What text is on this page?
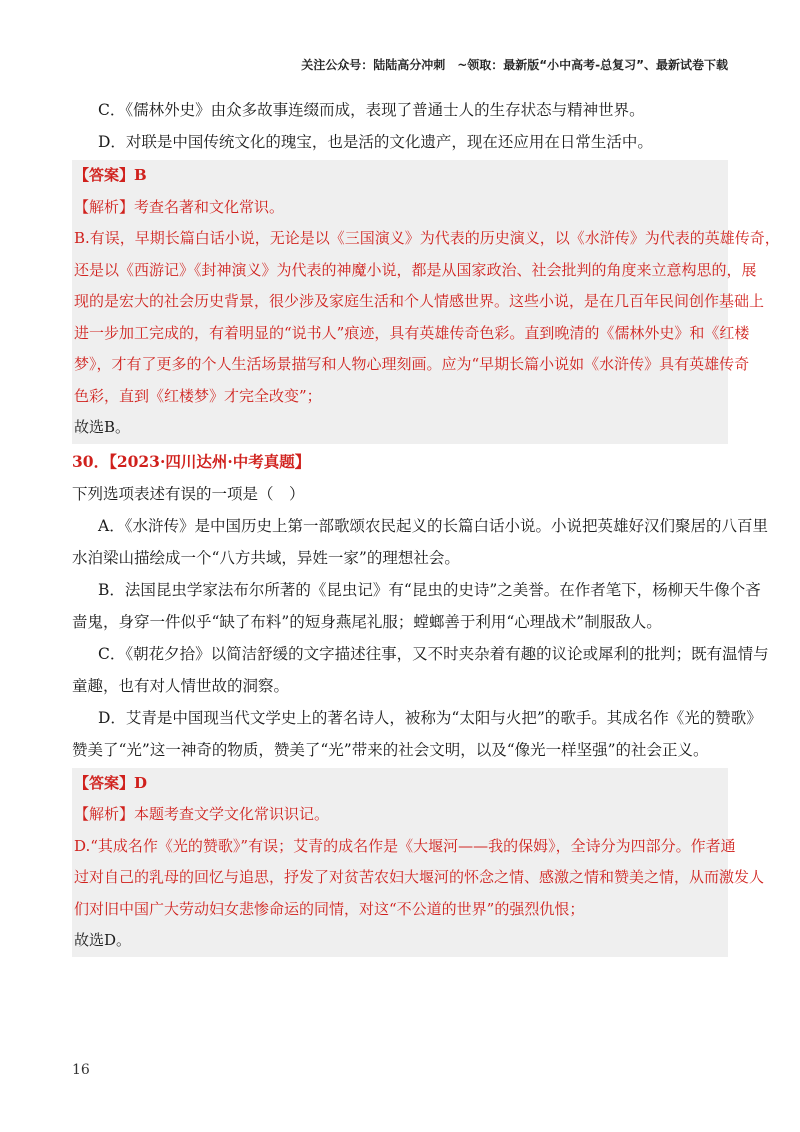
关注公众号：陆陆高分冲刺　~领取：最新版“小中高考-总复习”、最新试卷下载
C．《儒林外史》由众多故事连缀而成，表现了普通士人的生存状态与精神世界。
D．对联是中国传统文化的瑰宝，也是活的文化遗产，现在还应用在日常生活中。
【答案】B
【解析】考查名著和文化常识。
B.有误，早期长篇白话小说，无论是以《三国演义》为代表的历史演义，以《水浒传》为代表的英雄传奇，
还是以《西游记》《封神演义》为代表的神魔小说，都是从国家政治、社会批判的角度来立意构思的，展
现的是宏大的社会历史背景，很少涉及家庭生活和个人情感世界。这些小说，是在几百年民间创作基础上
进一步加工完成的，有着明显的“说书人”痕迹，具有英雄传奇色彩。直到晚清的《儒林外史》和《红楼
梦》，才有了更多的个人生活场景描写和人物心理刻画。应为“早期长篇小说如《水浒传》具有英雄传奇
色彩，直到《红楼梦》才完全改变”；
故选B。
30．【2023·四川达州·中考真题】
下列选项表述有误的一项是（　）
A．《水浒传》是中国历史上第一部歌颂农民起义的长篇白话小说。小说把英雄好汉们聚居的八百里
水泊梁山描绘成一个“八方共域，异姓一家”的理想社会。
B．法国昆虫学家法布尔所著的《昆虫记》有“昆虫的史诗”之美誉。在作者笔下，杨柳天牛像个吝
啬鬼，身穿一件似乎“缺了布料”的短身燕尾礼服；螳螂善于利用“心理战术”制服敌人。
C．《朝花夕拾》以简洁舒缓的文字描述往事，又不时夹杂着有趣的议论或犀利的批判；既有温情与
童趣，也有对人情世故的洞察。
D．艾青是中国现当代文学史上的著名诗人，被称为“太阳与火把”的歌手。其成名作《光的赞歌》
赞美了“光”这一神奇的物质，赞美了“光”带来的社会文明，以及“像光一样坚强”的社会正义。
【答案】D
【解析】本题考查文学文化常识识记。
D.“其成名作《光的赞歌》”有误；艾青的成名作是《大堰河——我的保姆》，全诗分为四部分。作者通
过对自己的乳母的回忆与追思，抒发了对贫苦农妇大堰河的怀念之情、感激之情和赞美之情，从而激发人
们对旧中国广大劳动妇女悲惨命运的同情，对这“不公道的世界”的强烈仇恨；
故选D。
16
